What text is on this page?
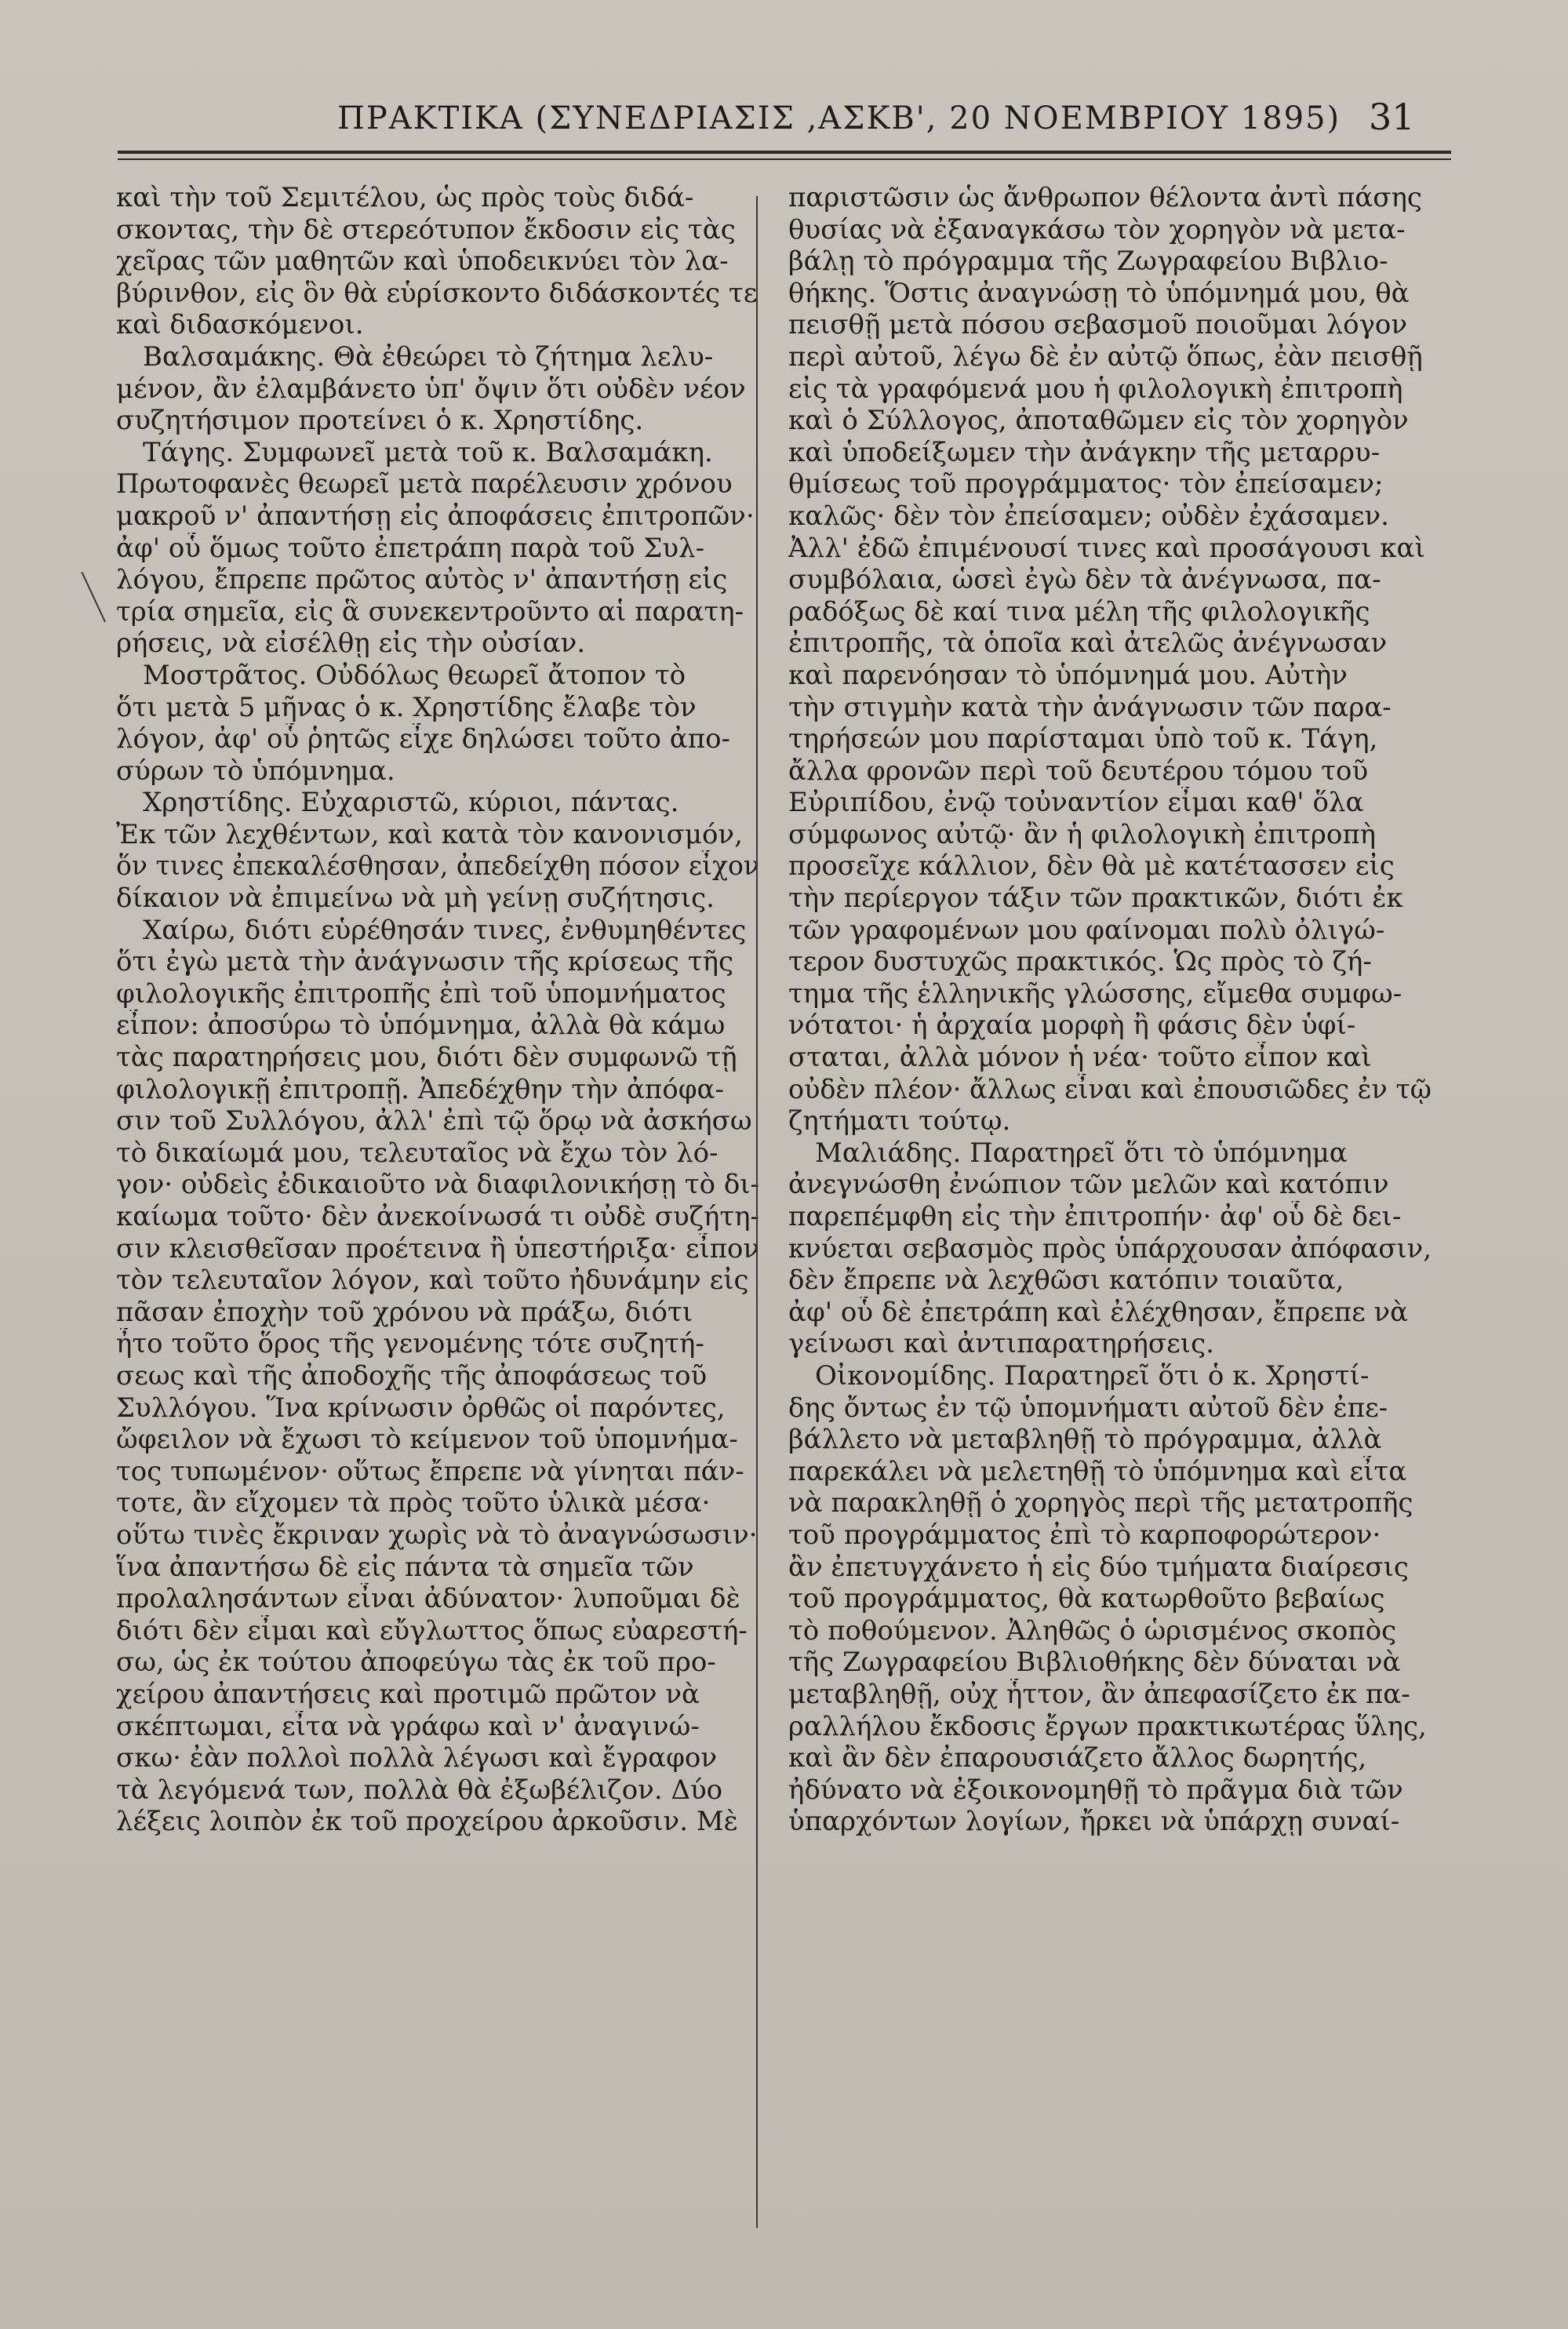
ΠΡΑΚΤΙΚΑ (ΣΥΝΕΔΡΙΑΣΙΣ ,ΑΣΚΒ', 20 ΝΟΕΜΒΡΙΟΥ 1895) 31
καὶ τὴν τοῦ Σεμιτέλου, ὡς πρὸς τοὺς διδά-
σκοντας, τὴν δὲ στερεότυπον ἔκδοσιν εἰς τὰς
χεῖρας τῶν μαθητῶν καὶ ὑποδεικνύει τὸν λα-
βύρινθον, εἰς ὃν θὰ εὑρίσκοντο διδάσκοντές τε
καὶ διδασκόμενοι.
Βαλσαμάκης. Θὰ ἐθεώρει τὸ ζήτημα λελυ-
μένον, ἂν ἐλαμβάνετο ὑπ' ὄψιν ὅτι οὐδὲν νέον
συζητήσιμον προτείνει ὁ κ. Χρηστίδης.
Τάγης. Συμφωνεῖ μετὰ τοῦ κ. Βαλσαμάκη.
Πρωτοφανὲς θεωρεῖ μετὰ παρέλευσιν χρόνου
μακροῦ ν' ἀπαντήσῃ εἰς ἀποφάσεις ἐπιτροπῶν·
ἀφ' οὗ ὅμως τοῦτο ἐπετράπη παρὰ τοῦ Συλ-
λόγου, ἔπρεπε πρῶτος αὐτὸς ν' ἀπαντήσῃ εἰς
τρία σημεῖα, εἰς ἃ συνεκεντροῦντο αἱ παρατη-
ρήσεις, νὰ εἰσέλθῃ εἰς τὴν οὐσίαν.
Μοστρᾶτος. Οὐδόλως θεωρεῖ ἄτοπον τὸ
ὅτι μετὰ 5 μῆνας ὁ κ. Χρηστίδης ἔλαβε τὸν
λόγον, ἀφ' οὗ ῥητῶς εἶχε δηλώσει τοῦτο ἀπο-
σύρων τὸ ὑπόμνημα.
Χρηστίδης. Εὐχαριστῶ, κύριοι, πάντας.
Ἐκ τῶν λεχθέντων, καὶ κατὰ τὸν κανονισμόν,
ὅν τινες ἐπεκαλέσθησαν, ἀπεδείχθη πόσον εἶχον
δίκαιον νὰ ἐπιμείνω νὰ μὴ γείνῃ συζήτησις.
Χαίρω, διότι εὑρέθησάν τινες, ἐνθυμηθέντες
ὅτι ἐγὼ μετὰ τὴν ἀνάγνωσιν τῆς κρίσεως τῆς
φιλολογικῆς ἐπιτροπῆς ἐπὶ τοῦ ὑπομνήματος
εἶπον: ἀποσύρω τὸ ὑπόμνημα, ἀλλὰ θὰ κάμω
τὰς παρατηρήσεις μου, διότι δὲν συμφωνῶ τῇ
φιλολογικῇ ἐπιτροπῇ. Ἀπεδέχθην τὴν ἀπόφα-
σιν τοῦ Συλλόγου, ἀλλ' ἐπὶ τῷ ὅρῳ νὰ ἀσκήσω
τὸ δικαίωμά μου, τελευταῖος νὰ ἔχω τὸν λό-
γον· οὐδεὶς ἐδικαιοῦτο νὰ διαφιλονικήσῃ τὸ δι-
καίωμα τοῦτο· δὲν ἀνεκοίνωσά τι οὐδὲ συζήτη-
σιν κλεισθεῖσαν προέτεινα ἢ ὑπεστήριξα· εἶπον
τὸν τελευταῖον λόγον, καὶ τοῦτο ἠδυνάμην εἰς
πᾶσαν ἐποχὴν τοῦ χρόνου νὰ πράξω, διότι
ἦτο τοῦτο ὅρος τῆς γενομένης τότε συζητή-
σεως καὶ τῆς ἀποδοχῆς τῆς ἀποφάσεως τοῦ
Συλλόγου. Ἵνα κρίνωσιν ὀρθῶς οἱ παρόντες,
ὤφειλον νὰ ἔχωσι τὸ κείμενον τοῦ ὑπομνήμα-
τος τυπωμένον· οὕτως ἔπρεπε νὰ γίνηται πάν-
τοτε, ἂν εἴχομεν τὰ πρὸς τοῦτο ὑλικὰ μέσα·
οὕτω τινὲς ἔκριναν χωρὶς νὰ τὸ ἀναγνώσωσιν·
ἵνα ἀπαντήσω δὲ εἰς πάντα τὰ σημεῖα τῶν
προλαλησάντων εἶναι ἀδύνατον· λυποῦμαι δὲ
διότι δὲν εἶμαι καὶ εὔγλωττος ὅπως εὐαρεστή-
σω, ὡς ἐκ τούτου ἀποφεύγω τὰς ἐκ τοῦ προ-
χείρου ἀπαντήσεις καὶ προτιμῶ πρῶτον νὰ
σκέπτωμαι, εἶτα νὰ γράφω καὶ ν' ἀναγινώ-
σκω· ἐὰν πολλοὶ πολλὰ λέγωσι καὶ ἔγραφον
τὰ λεγόμενά των, πολλὰ θὰ ἐξωβέλιζον. Δύο
λέξεις λοιπὸν ἐκ τοῦ προχείρου ἀρκοῦσιν. Μὲ
παριστῶσιν ὡς ἄνθρωπον θέλοντα ἀντὶ πάσης
θυσίας νὰ ἐξαναγκάσω τὸν χορηγὸν νὰ μετα-
βάλῃ τὸ πρόγραμμα τῆς Ζωγραφείου Βιβλιο-
θήκης. Ὅστις ἀναγνώσῃ τὸ ὑπόμνημά μου, θὰ
πεισθῇ μετὰ πόσου σεβασμοῦ ποιοῦμαι λόγον
περὶ αὐτοῦ, λέγω δὲ ἐν αὐτῷ ὅπως, ἐὰν πεισθῇ
εἰς τὰ γραφόμενά μου ἡ φιλολογικὴ ἐπιτροπὴ
καὶ ὁ Σύλλογος, ἀποταθῶμεν εἰς τὸν χορηγὸν
καὶ ὑποδείξωμεν τὴν ἀνάγκην τῆς μεταρρυ-
θμίσεως τοῦ προγράμματος· τὸν ἐπείσαμεν;
καλῶς· δὲν τὸν ἐπείσαμεν; οὐδὲν ἐχάσαμεν.
Ἀλλ' ἐδῶ ἐπιμένουσί τινες καὶ προσάγουσι καὶ
συμβόλαια, ὡσεὶ ἐγὼ δὲν τὰ ἀνέγνωσα, πα-
ραδόξως δὲ καί τινα μέλη τῆς φιλολογικῆς
ἐπιτροπῆς, τὰ ὁποῖα καὶ ἀτελῶς ἀνέγνωσαν
καὶ παρενόησαν τὸ ὑπόμνημά μου. Αὐτὴν
τὴν στιγμὴν κατὰ τὴν ἀνάγνωσιν τῶν παρα-
τηρήσεών μου παρίσταμαι ὑπὸ τοῦ κ. Τάγη,
ἄλλα φρονῶν περὶ τοῦ δευτέρου τόμου τοῦ
Εὐριπίδου, ἐνῷ τοὐναντίον εἶμαι καθ' ὅλα
σύμφωνος αὐτῷ· ἂν ἡ φιλολογικὴ ἐπιτροπὴ
προσεῖχε κάλλιον, δὲν θὰ μὲ κατέτασσεν εἰς
τὴν περίεργον τάξιν τῶν πρακτικῶν, διότι ἐκ
τῶν γραφομένων μου φαίνομαι πολὺ ὀλιγώ-
τερον δυστυχῶς πρακτικός. Ὡς πρὸς τὸ ζή-
τημα τῆς ἑλληνικῆς γλώσσης, εἴμεθα συμφω-
νότατοι· ἡ ἀρχαία μορφὴ ἢ φάσις δὲν ὑφί-
σταται, ἀλλὰ μόνον ἡ νέα· τοῦτο εἶπον καὶ
οὐδὲν πλέον· ἄλλως εἶναι καὶ ἐπουσιῶδες ἐν τῷ
ζητήματι τούτῳ.
Μαλιάδης. Παρατηρεῖ ὅτι τὸ ὑπόμνημα
ἀνεγνώσθη ἐνώπιον τῶν μελῶν καὶ κατόπιν
παρεπέμφθη εἰς τὴν ἐπιτροπήν· ἀφ' οὗ δὲ δει-
κνύεται σεβασμὸς πρὸς ὑπάρχουσαν ἀπόφασιν,
δὲν ἔπρεπε νὰ λεχθῶσι κατόπιν τοιαῦτα,
ἀφ' οὗ δὲ ἐπετράπη καὶ ἐλέχθησαν, ἔπρεπε νὰ
γείνωσι καὶ ἀντιπαρατηρήσεις.
Οἰκονομίδης. Παρατηρεῖ ὅτι ὁ κ. Χρηστί-
δης ὄντως ἐν τῷ ὑπομνήματι αὐτοῦ δὲν ἐπε-
βάλλετο νὰ μεταβληθῇ τὸ πρόγραμμα, ἀλλὰ
παρεκάλει νὰ μελετηθῇ τὸ ὑπόμνημα καὶ εἶτα
νὰ παρακληθῇ ὁ χορηγὸς περὶ τῆς μετατροπῆς
τοῦ προγράμματος ἐπὶ τὸ καρποφορώτερον·
ἂν ἐπετυγχάνετο ἡ εἰς δύο τμήματα διαίρεσις
τοῦ προγράμματος, θὰ κατωρθοῦτο βεβαίως
τὸ ποθούμενον. Ἀληθῶς ὁ ὡρισμένος σκοπὸς
τῆς Ζωγραφείου Βιβλιοθήκης δὲν δύναται νὰ
μεταβληθῇ, οὐχ ἧττον, ἂν ἀπεφασίζετο ἐκ πα-
ραλλήλου ἔκδοσις ἔργων πρακτικωτέρας ὕλης,
καὶ ἂν δὲν ἐπαρουσιάζετο ἄλλος δωρητής,
ἠδύνατο νὰ ἐξοικονομηθῇ τὸ πρᾶγμα διὰ τῶν
ὑπαρχόντων λογίων, ἤρκει νὰ ὑπάρχῃ συναί-
